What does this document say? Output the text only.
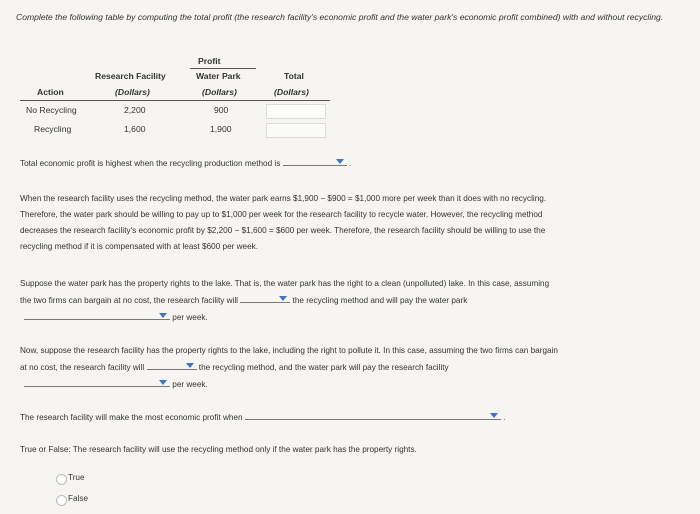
Complete the following table by computing the total profit (the research facility's economic profit and the water park's economic profit combined) with and without recycling.
Profit
Research Facility	Water Park	Total
Action	(Dollars)	(Dollars)	(Dollars)
No Recycling	2,200	900
Recycling	1,600	1,900
Total economic profit is highest when the recycling production method is	.
When the research facility uses the recycling method, the water park earns $1,900 − $900 = $1,000 more per week than it does with no recycling.
Therefore, the water park should be willing to pay up to $1,000 per week for the research facility to recycle water. However, the recycling method
decreases the research facility's economic profit by $2,200 − $1,600 = $600 per week. Therefore, the research facility should be willing to use the
recycling method if it is compensated with at least $600 per week.
Suppose the water park has the property rights to the lake. That is, the water park has the right to a clean (unpolluted) lake. In this case, assuming
the two firms can bargain at no cost, the research facility will	the recycling method and will pay the water park
per week.
Now, suppose the research facility has the property rights to the lake, including the right to pollute it. In this case, assuming the two firms can bargain
at no cost, the research facility will	the recycling method, and the water park will pay the research facility
per week.
The research facility will make the most economic profit when	.
True or False: The research facility will use the recycling method only if the water park has the property rights.
True
False
